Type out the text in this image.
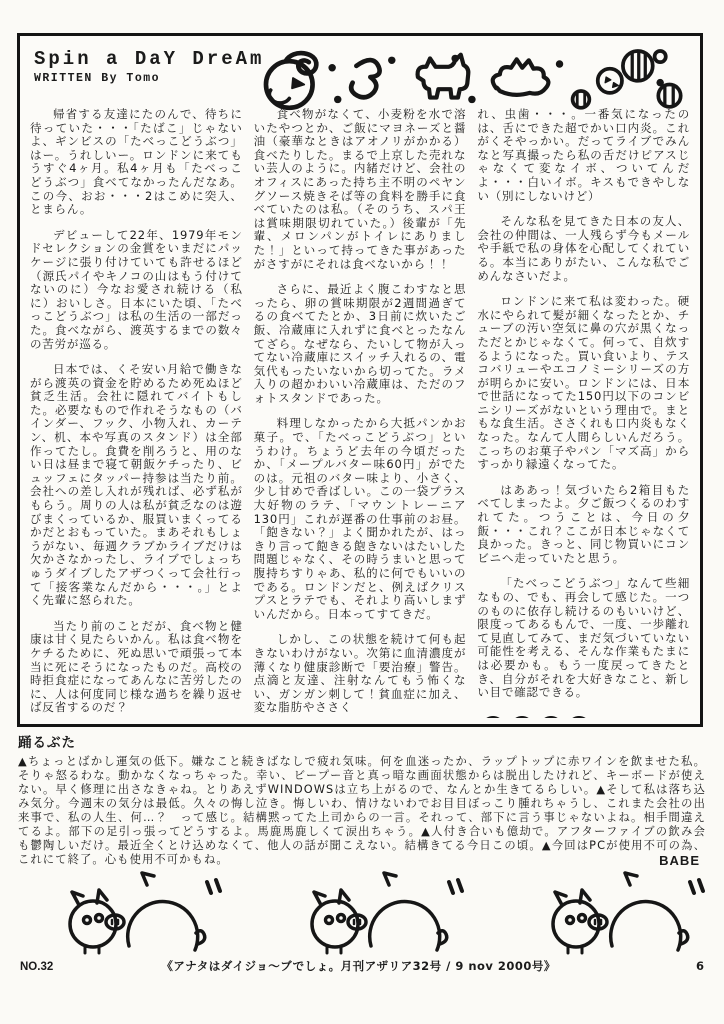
Spin a DaY DreAm
WRITTEN By Tomo

帰省する友達にたのんで、待ちに待っていた・・・「たばこ」じゃないよ、ギンビスの「たべっこどうぶつ」はー。うれしいー。ロンドンに来てもうすぐ4ヶ月。私4ヶ月も「たべっこどうぶつ」食べてなかったんだなあ。この今、おお・・・2はこめに突入、とまらん。

デビューして22年、1979年モンドセレクションの金賞をいまだにパッケージに張り付けていても許せるほど（源氏パイやキノコの山はもう付けてないのに）今なお愛され続ける（私に）おいしさ。日本にいた頃、「たべっこどうぶつ」は私の生活の一部だった。食べながら、渡英するまでの数々の苦労が巡る。

日本では、くそ安い月給で働きながら渡英の資金を貯めるため死ぬほど貧乏生活。会社に隠れてバイトもした。必要なもので作れそうなもの（バインダー、フック、小物入れ、カーテン、机、本や写真のスタンド）は全部作ってたし。食費を削ろうと、用のない日は昼まで寝て朝飯ケチったり、ビュッフェにタッパー持参は当たり前。会社への差し入れが残れば、必ず私がもらう。周りの人は私が貧乏なのは遊びまくっているか、服買いまくってるかだとおもっていた。まあそれもしょうがない、毎週クラブかライブだけは欠かさなかったし、ライブでしょっちゅうダイブしたアザつくって会社行って「接客業なんだから・・・。」とよく先輩に怒られた。

当たり前のことだが、食べ物と健康は甘く見たらいかん。私は食べ物をケチるために、死ぬ思いで頑張って本当に死にそうになったものだ。高校の時拒食症になってあんなに苦労したのに、人は何度同じ様な過ちを繰り返せば反省するのだ？

食べ物がなくて、小麦粉を水で溶いたやつとか、ご飯にマヨネーズと醤油（豪華なときはアオノリがかかる）食べたりした。まるで上京した売れない芸人のように。内緒だけど、会社のオフィスにあった持ち主不明のペヤングソース焼きそば等の食料を勝手に食べていたのは私。（そのうち、スパ王は賞味期限切れていた。）後輩が「先輩、メロンパンがトイレにありました！」といって持ってきた事があったがさすがにそれは食べないから！！

さらに、最近よく腹こわすなと思ったら、卵の賞味期限が2週間過ぎてるの食べてたとか、3日前に炊いたご飯、冷蔵庫に入れずに食べとったなんてざら。なぜなら、たいして物が入ってない冷蔵庫にスイッチ入れるの、電気代もったいないから切ってた。ラメ入りの超かわいい冷蔵庫は、ただのフォトスタンドであった。

料理しなかったから大抵パンかお菓子。で、「たべっこどうぶつ」というわけ。ちょうど去年の今頃だったか、「メープルバター味60円」がでたのは。元祖のバター味より、小さく、少し甘めで香ばしい。この一袋プラス大好物のラテ、「マウントレーニア130円」これが遅番の仕事前のお昼。「飽きない？」よく聞かれたが、はっきり言って飽きる飽きないはたいした問題じゃなく、その時うまいと思って腹持ちすりゃあ、私的に何でもいいのである。ロンドンだと、例えばクリスプスとラテでも、それより高いしまずいんだから。日本ってすてきだ。

しかし、この状態を続けて何も起きないわけがない。次第に血清濃度が薄くなり健康診断で「要治療」警告。点滴と友達、注射なんてもう怖くない、ガンガン刺して！貧血症に加え、変な脂肪やささく

れ、虫歯・・・。一番気になったのは、舌にできた超でかい口内炎。これがくそやっかい。だってライブでみんなと写真撮ったら私の舌だけピアスじゃなくて変なイボ、ついてんだよ・・・白いイボ。キスもできやしない（別にしないけど）

そんな私を見てきた日本の友人、会社の仲間は、一人残らず今もメールや手紙で私の身体を心配してくれている。本当にありがたい、こんな私でごめんなさいだよ。

ロンドンに来て私は変わった。硬水にやられて髪が細くなったとか、チューブの汚い空気に鼻の穴が黒くなっただとかじゃなくて。何って、自炊するようになった。買い食いより、テスコバリューやエコノミーシリーズの方が明らかに安い。ロンドンには、日本で世話になってた150円以下のコンビニシリーズがないという理由で。まともな食生活。ささくれも口内炎もなくなった。なんて人間らしいんだろう。こっちのお菓子やパン「マズ高」からすっかり縁遠くなってた。

はああっ！気づいたら2箱目もたべてしまったよ。夕ご飯つくるのわすれてた。つうことは、今日の夕飯・・・これ？ここが日本じゃなくて良かった。きっと、同じ物買いにコンビニへ走っていたと思う。

「たべっこどうぶつ」なんて些細なもの、でも、再会して感じた。一つのものに依存し続けるのもいいけど、限度ってあるもんで、一度、一歩離れて見直してみて、まだ気づいていない可能性を考える、そんな作業もたまには必要かも。もう一度戻ってきたとき、自分がそれを大好きなこと、新しい目で確認できる。

踊るぶた

▲ちょっとばかし運気の低下。嫌なこと続きばなしで疲れ気味。何を血迷ったか、ラップトップに赤ワインを飲ませた私。そりゃ怒るわな。動かなくなっちゃった。幸い、ビープー音と真っ暗な画面状態からは脱出したけれど、キーボードが使えない。早く修理に出さなきゃね。とりあえずWINDOWSは立ち上がるので、なんとか生きてるらしい。▲そして私は落ち込み気分。今週末の気分は最低。久々の悔し泣き。悔しいわ、情けないわでお目目ぼっこり腫れちゃうし、これまた会社の出来事で、私の人生、何…？　って感じ。結構黙ってた上司からの一言。それって、部下に言う事じゃないよね。相手間違えてるよ。部下の足引っ張ってどうするよ。馬鹿馬鹿しくて涙出ちゃう。▲人付き合いも億劫で。アフターファイブの飲み会も鬱陶しいだけ。最近全くとけ込めなくて、他人の話が聞こえない。結構きてる今日この頃。▲今回はPCが使用不可の為、これにて終了。心も使用不可かもね。	BABE
NO.32	《アナタはダイジョ～ブでしょ。月刊アザリア32号 / 9 nov 2000号》	6
